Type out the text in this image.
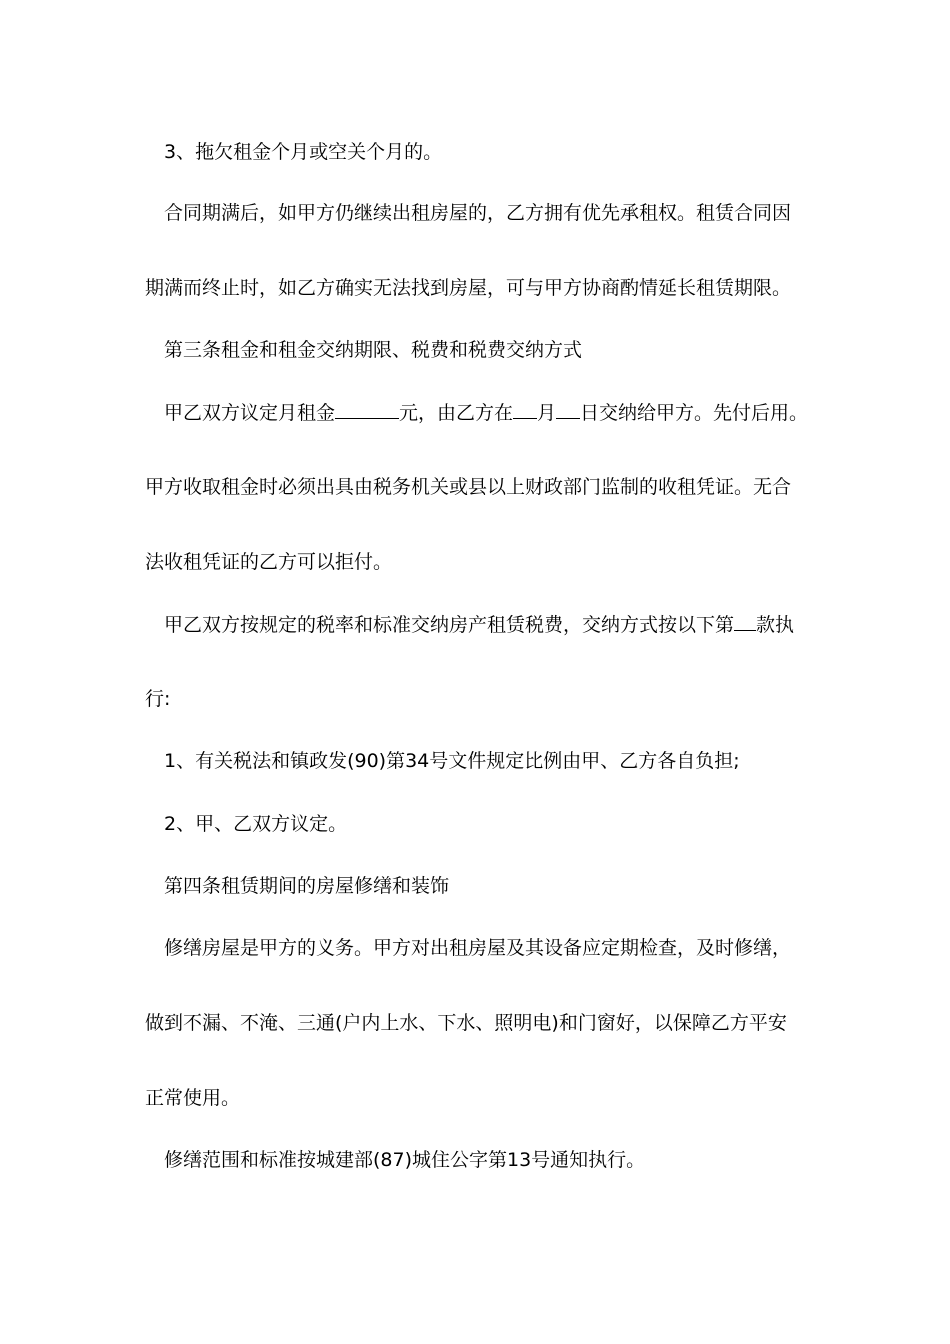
3、拖欠租金个月或空关个月的。
合同期满后，如甲方仍继续出租房屋的，乙方拥有优先承租权。租赁合同因
期满而终止时，如乙方确实无法找到房屋，可与甲方协商酌情延长租赁期限。
第三条租金和租金交纳期限、税费和税费交纳方式
甲乙双方议定月租金	元，由乙方在 月 日交纳给甲方。先付后用。
甲方收取租金时必须出具由税务机关或县以上财政部门监制的收租凭证。无合
法收租凭证的乙方可以拒付。
甲乙双方按规定的税率和标准交纳房产租赁税费，交纳方式按以下第 款执
行:
1、有关税法和镇政发(90)第34号文件规定比例由甲、乙方各自负担;
2、甲、乙双方议定。
第四条租赁期间的房屋修缮和装饰
修缮房屋是甲方的义务。甲方对出租房屋及其设备应定期检查，及时修缮，
做到不漏、不淹、三通(户内上水、下水、照明电)和门窗好，以保障乙方平安
正常使用。
修缮范围和标准按城建部(87)城住公字第13号通知执行。
